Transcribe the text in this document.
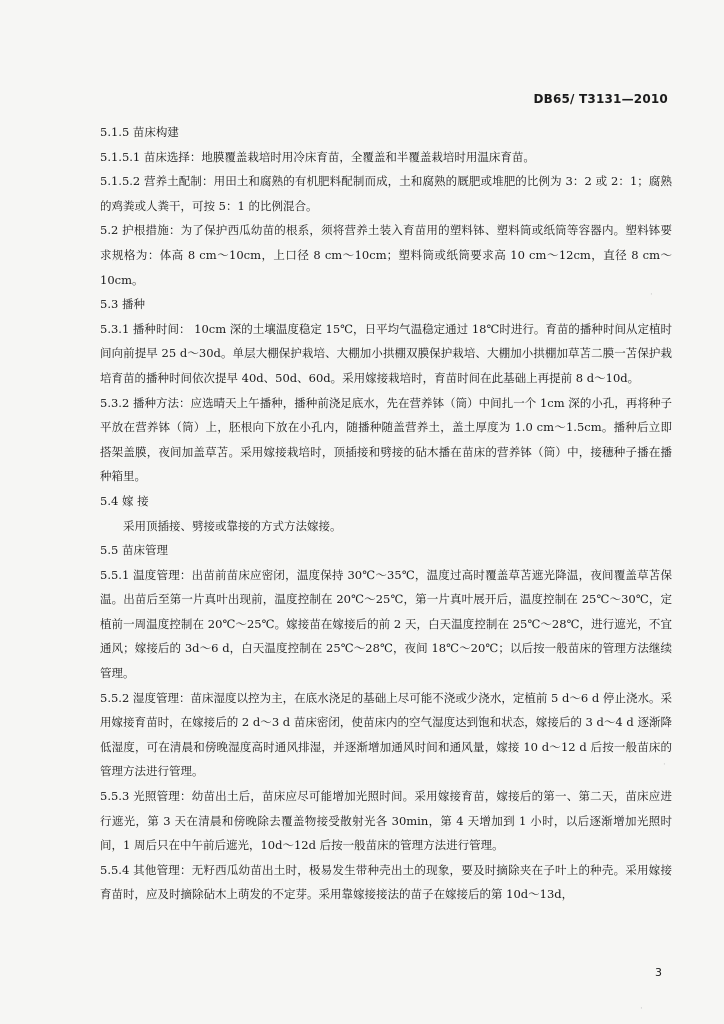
DB65/ T3131—2010

5.1.5 苗床构建

5.1.5.1 苗床选择：地膜覆盖栽培时用冷床育苗，全覆盖和半覆盖栽培时用温床育苗。

5.1.5.2 营养土配制：用田土和腐熟的有机肥料配制而成，土和腐熟的厩肥或堆肥的比例为 3：2 或 2：1；腐熟的鸡粪或人粪干，可按 5：1 的比例混合。

5.2 护根措施：为了保护西瓜幼苗的根系，须将营养土装入育苗用的塑料钵、塑料筒或纸筒等容器内。塑料钵要求规格为：体高 8 cm～10cm，上口径 8 cm～10cm；塑料筒或纸筒要求高 10 cm～12cm，直径 8 cm～10cm。

5.3 播种

5.3.1 播种时间： 10cm 深的土壤温度稳定 15℃，日平均气温稳定通过 18℃时进行。育苗的播种时间从定植时间向前提早 25 d～30d。单层大棚保护栽培、大棚加小拱棚双膜保护栽培、大棚加小拱棚加草苫二膜一苫保护栽培育苗的播种时间依次提早 40d、50d、60d。采用嫁接栽培时，育苗时间在此基础上再提前 8 d～10d。

5.3.2 播种方法：应选晴天上午播种，播种前浇足底水，先在营养钵（筒）中间扎一个 1cm 深的小孔，再将种子平放在营养钵（筒）上，胚根向下放在小孔内，随播种随盖营养土，盖土厚度为 1.0 cm～1.5cm。播种后立即搭架盖膜，夜间加盖草苫。采用嫁接栽培时，顶插接和劈接的砧木播在苗床的营养钵（筒）中，接穗种子播在播种箱里。

5.4 嫁 接

采用顶插接、劈接或靠接的方式方法嫁接。

5.5 苗床管理

5.5.1 温度管理：出苗前苗床应密闭，温度保持 30℃～35℃，温度过高时覆盖草苫遮光降温，夜间覆盖草苫保温。出苗后至第一片真叶出现前，温度控制在 20℃～25℃，第一片真叶展开后，温度控制在 25℃～30℃，定植前一周温度控制在 20℃～25℃。嫁接苗在嫁接后的前 2 天，白天温度控制在 25℃～28℃，进行遮光，不宜通风；嫁接后的 3d～6 d，白天温度控制在 25℃～28℃，夜间 18℃～20℃；以后按一般苗床的管理方法继续管理。

5.5.2 湿度管理：苗床湿度以控为主，在底水浇足的基础上尽可能不浇或少浇水，定植前 5 d～6 d 停止浇水。采用嫁接育苗时，在嫁接后的 2 d～3 d 苗床密闭，使苗床内的空气湿度达到饱和状态，嫁接后的 3 d～4 d 逐渐降低湿度，可在清晨和傍晚湿度高时通风排湿，并逐渐增加通风时间和通风量，嫁接 10 d～12 d 后按一般苗床的管理方法进行管理。

5.5.3 光照管理：幼苗出土后，苗床应尽可能增加光照时间。采用嫁接育苗，嫁接后的第一、第二天，苗床应进行遮光，第 3 天在清晨和傍晚除去覆盖物接受散射光各 30min，第 4 天增加到 1 小时，以后逐渐增加光照时间，1 周后只在中午前后遮光，10d～12d 后按一般苗床的管理方法进行管理。

5.5.4 其他管理：无籽西瓜幼苗出土时，极易发生带种壳出土的现象，要及时摘除夹在子叶上的种壳。采用嫁接育苗时，应及时摘除砧木上萌发的不定芽。采用靠嫁接接法的苗子在嫁接后的第 10d～13d，

3
·
·
·
